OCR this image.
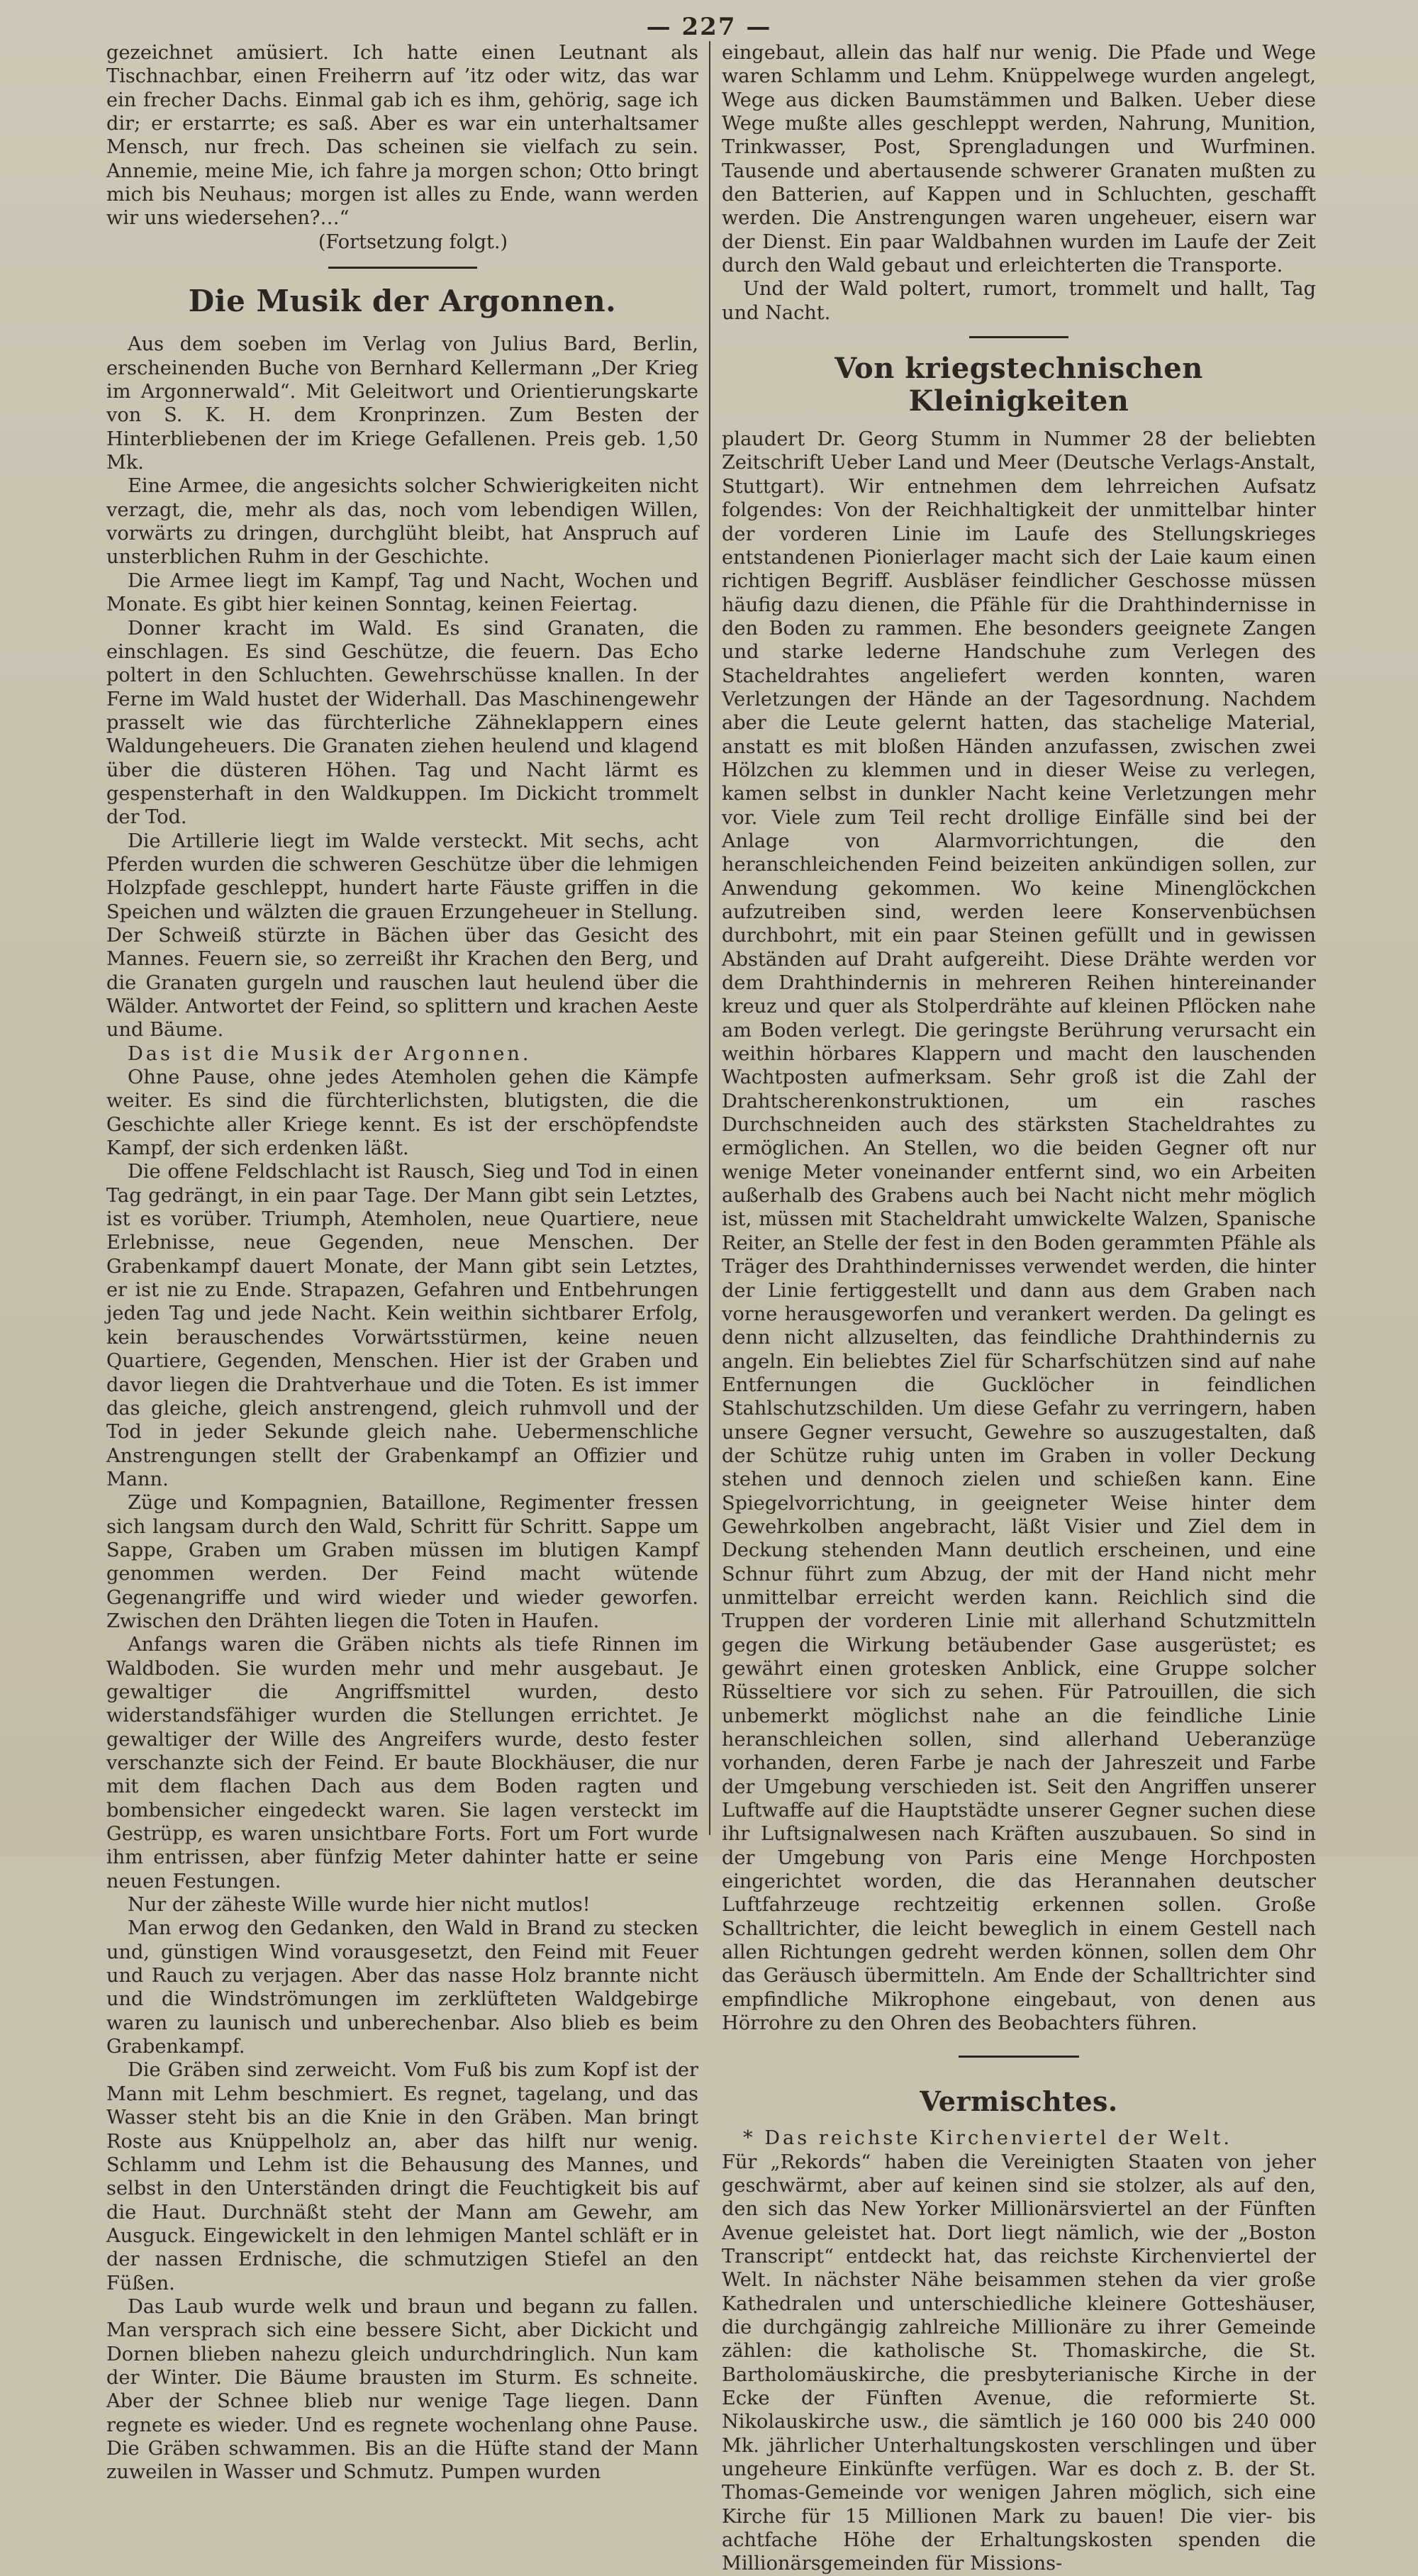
— 227 —

gezeichnet amüsiert. Ich hatte einen Leutnant als Tischnachbar, einen Freiherrn auf ’itz oder witz, das war ein frecher Dachs. Einmal gab ich es ihm, gehörig, sage ich dir; er erstarrte; es saß. Aber es war ein unterhaltsamer Mensch, nur frech. Das scheinen sie vielfach zu sein. Annemie, meine Mie, ich fahre ja morgen schon; Otto bringt mich bis Neuhaus; morgen ist alles zu Ende, wann werden wir uns wiedersehen?…“

(Fortsetzung folgt.)

Die Musik der Argonnen.

Aus dem soeben im Verlag von Julius Bard, Berlin, erscheinenden Buche von Bernhard Kellermann „Der Krieg im Argonnerwald“. Mit Geleitwort und Orientierungskarte von S. K. H. dem Kronprinzen. Zum Besten der Hinterbliebenen der im Kriege Gefallenen. Preis geb. 1,50 Mk.

Eine Armee, die angesichts solcher Schwierigkeiten nicht verzagt, die, mehr als das, noch vom lebendigen Willen, vorwärts zu dringen, durchglüht bleibt, hat Anspruch auf unsterblichen Ruhm in der Geschichte.

Die Armee liegt im Kampf, Tag und Nacht, Wochen und Monate. Es gibt hier keinen Sonntag, keinen Feiertag.

Donner kracht im Wald. Es sind Granaten, die einschlagen. Es sind Geschütze, die feuern. Das Echo poltert in den Schluchten. Gewehrschüsse knallen. In der Ferne im Wald hustet der Widerhall. Das Maschinengewehr prasselt wie das fürchterliche Zähneklappern eines Waldungeheuers. Die Granaten ziehen heulend und klagend über die düsteren Höhen. Tag und Nacht lärmt es gespensterhaft in den Waldkuppen. Im Dickicht trommelt der Tod.

Die Artillerie liegt im Walde versteckt. Mit sechs, acht Pferden wurden die schweren Geschütze über die lehmigen Holzpfade geschleppt, hundert harte Fäuste griffen in die Speichen und wälzten die grauen Erzungeheuer in Stellung. Der Schweiß stürzte in Bächen über das Gesicht des Mannes. Feuern sie, so zerreißt ihr Krachen den Berg, und die Granaten gurgeln und rauschen laut heulend über die Wälder. Antwortet der Feind, so splittern und krachen Aeste und Bäume.

Das ist die Musik der Argonnen.

Ohne Pause, ohne jedes Atemholen gehen die Kämpfe weiter. Es sind die fürchterlichsten, blutigsten, die die Geschichte aller Kriege kennt. Es ist der erschöpfendste Kampf, der sich erdenken läßt.

Die offene Feldschlacht ist Rausch, Sieg und Tod in einen Tag gedrängt, in ein paar Tage. Der Mann gibt sein Letztes, ist es vorüber. Triumph, Atemholen, neue Quartiere, neue Erlebnisse, neue Gegenden, neue Menschen. Der Grabenkampf dauert Monate, der Mann gibt sein Letztes, er ist nie zu Ende. Strapazen, Gefahren und Entbehrungen jeden Tag und jede Nacht. Kein weithin sichtbarer Erfolg, kein berauschendes Vorwärtsstürmen, keine neuen Quartiere, Gegenden, Menschen. Hier ist der Graben und davor liegen die Drahtverhaue und die Toten. Es ist immer das gleiche, gleich anstrengend, gleich ruhmvoll und der Tod in jeder Sekunde gleich nahe. Uebermenschliche Anstrengungen stellt der Grabenkampf an Offizier und Mann.

Züge und Kompagnien, Bataillone, Regimenter fressen sich langsam durch den Wald, Schritt für Schritt. Sappe um Sappe, Graben um Graben müssen im blutigen Kampf genommen werden. Der Feind macht wütende Gegenangriffe und wird wieder und wieder geworfen. Zwischen den Drähten liegen die Toten in Haufen.

Anfangs waren die Gräben nichts als tiefe Rinnen im Waldboden. Sie wurden mehr und mehr ausgebaut. Je gewaltiger die Angriffsmittel wurden, desto widerstandsfähiger wurden die Stellungen errichtet. Je gewaltiger der Wille des Angreifers wurde, desto fester verschanzte sich der Feind. Er baute Blockhäuser, die nur mit dem flachen Dach aus dem Boden ragten und bombensicher eingedeckt waren. Sie lagen versteckt im Gestrüpp, es waren unsichtbare Forts. Fort um Fort wurde ihm entrissen, aber fünfzig Meter dahinter hatte er seine neuen Festungen.

Nur der zäheste Wille wurde hier nicht mutlos!

Man erwog den Gedanken, den Wald in Brand zu stecken und, günstigen Wind vorausgesetzt, den Feind mit Feuer und Rauch zu verjagen. Aber das nasse Holz brannte nicht und die Windströmungen im zerklüfteten Waldgebirge waren zu launisch und unberechenbar. Also blieb es beim Grabenkampf.

Die Gräben sind zerweicht. Vom Fuß bis zum Kopf ist der Mann mit Lehm beschmiert. Es regnet, tagelang, und das Wasser steht bis an die Knie in den Gräben. Man bringt Roste aus Knüppelholz an, aber das hilft nur wenig. Schlamm und Lehm ist die Behausung des Mannes, und selbst in den Unterständen dringt die Feuchtigkeit bis auf die Haut. Durchnäßt steht der Mann am Gewehr, am Ausguck. Eingewickelt in den lehmigen Mantel schläft er in der nassen Erdnische, die schmutzigen Stiefel an den Füßen.

Das Laub wurde welk und braun und begann zu fallen. Man versprach sich eine bessere Sicht, aber Dickicht und Dornen blieben nahezu gleich undurchdringlich. Nun kam der Winter. Die Bäume brausten im Sturm. Es schneite. Aber der Schnee blieb nur wenige Tage liegen. Dann regnete es wieder. Und es regnete wochenlang ohne Pause. Die Gräben schwammen. Bis an die Hüfte stand der Mann zuweilen in Wasser und Schmutz. Pumpen wurden

eingebaut, allein das half nur wenig. Die Pfade und Wege waren Schlamm und Lehm. Knüppelwege wurden angelegt, Wege aus dicken Baumstämmen und Balken. Ueber diese Wege mußte alles geschleppt werden, Nahrung, Munition, Trinkwasser, Post, Sprengladungen und Wurfminen. Tausende und abertausende schwerer Granaten mußten zu den Batterien, auf Kappen und in Schluchten, geschafft werden. Die Anstrengungen waren ungeheuer, eisern war der Dienst. Ein paar Waldbahnen wurden im Laufe der Zeit durch den Wald gebaut und erleichterten die Transporte.

Und der Wald poltert, rumort, trommelt und hallt, Tag und Nacht.

Von kriegstechnischen Kleinigkeiten

plaudert Dr. Georg Stumm in Nummer 28 der beliebten Zeitschrift Ueber Land und Meer (Deutsche Verlags-Anstalt, Stuttgart). Wir entnehmen dem lehrreichen Aufsatz folgendes: Von der Reichhaltigkeit der unmittelbar hinter der vorderen Linie im Laufe des Stellungskrieges entstandenen Pionierlager macht sich der Laie kaum einen richtigen Begriff. Ausbläser feindlicher Geschosse müssen häufig dazu dienen, die Pfähle für die Drahthindernisse in den Boden zu rammen. Ehe besonders geeignete Zangen und starke lederne Handschuhe zum Verlegen des Stacheldrahtes angeliefert werden konnten, waren Verletzungen der Hände an der Tagesordnung. Nachdem aber die Leute gelernt hatten, das stachelige Material, anstatt es mit bloßen Händen anzufassen, zwischen zwei Hölzchen zu klemmen und in dieser Weise zu verlegen, kamen selbst in dunkler Nacht keine Verletzungen mehr vor. Viele zum Teil recht drollige Einfälle sind bei der Anlage von Alarmvorrichtungen, die den heranschleichenden Feind beizeiten ankündigen sollen, zur Anwendung gekommen. Wo keine Minenglöckchen aufzutreiben sind, werden leere Konservenbüchsen durchbohrt, mit ein paar Steinen gefüllt und in gewissen Abständen auf Draht aufgereiht. Diese Drähte werden vor dem Drahthindernis in mehreren Reihen hintereinander kreuz und quer als Stolperdrähte auf kleinen Pflöcken nahe am Boden verlegt. Die geringste Berührung verursacht ein weithin hörbares Klappern und macht den lauschenden Wachtposten aufmerksam. Sehr groß ist die Zahl der Drahtscherenkonstruktionen, um ein rasches Durchschneiden auch des stärksten Stacheldrahtes zu ermöglichen. An Stellen, wo die beiden Gegner oft nur wenige Meter voneinander entfernt sind, wo ein Arbeiten außerhalb des Grabens auch bei Nacht nicht mehr möglich ist, müssen mit Stacheldraht umwickelte Walzen, Spanische Reiter, an Stelle der fest in den Boden gerammten Pfähle als Träger des Drahthindernisses verwendet werden, die hinter der Linie fertiggestellt und dann aus dem Graben nach vorne herausgeworfen und verankert werden. Da gelingt es denn nicht allzuselten, das feindliche Drahthindernis zu angeln. Ein beliebtes Ziel für Scharfschützen sind auf nahe Entfernungen die Gucklöcher in feindlichen Stahlschutzschilden. Um diese Gefahr zu verringern, haben unsere Gegner versucht, Gewehre so auszugestalten, daß der Schütze ruhig unten im Graben in voller Deckung stehen und dennoch zielen und schießen kann. Eine Spiegelvorrichtung, in geeigneter Weise hinter dem Gewehrkolben angebracht, läßt Visier und Ziel dem in Deckung stehenden Mann deutlich erscheinen, und eine Schnur führt zum Abzug, der mit der Hand nicht mehr unmittelbar erreicht werden kann. Reichlich sind die Truppen der vorderen Linie mit allerhand Schutzmitteln gegen die Wirkung betäubender Gase ausgerüstet; es gewährt einen grotesken Anblick, eine Gruppe solcher Rüsseltiere vor sich zu sehen. Für Patrouillen, die sich unbemerkt möglichst nahe an die feindliche Linie heranschleichen sollen, sind allerhand Ueberanzüge vorhanden, deren Farbe je nach der Jahreszeit und Farbe der Umgebung verschieden ist. Seit den Angriffen unserer Luftwaffe auf die Hauptstädte unserer Gegner suchen diese ihr Luftsignalwesen nach Kräften auszubauen. So sind in der Umgebung von Paris eine Menge Horchposten eingerichtet worden, die das Herannahen deutscher Luftfahrzeuge rechtzeitig erkennen sollen. Große Schalltrichter, die leicht beweglich in einem Gestell nach allen Richtungen gedreht werden können, sollen dem Ohr das Geräusch übermitteln. Am Ende der Schalltrichter sind empfindliche Mikrophone eingebaut, von denen aus Hörrohre zu den Ohren des Beobachters führen.

Vermischtes.

* Das reichste Kirchenviertel der Welt.

Für „Rekords“ haben die Vereinigten Staaten von jeher geschwärmt, aber auf keinen sind sie stolzer, als auf den, den sich das New Yorker Millionärsviertel an der Fünften Avenue geleistet hat. Dort liegt nämlich, wie der „Boston Transcript“ entdeckt hat, das reichste Kirchenviertel der Welt. In nächster Nähe beisammen stehen da vier große Kathedralen und unterschiedliche kleinere Gotteshäuser, die durchgängig zahlreiche Millionäre zu ihrer Gemeinde zählen: die katholische St. Thomaskirche, die St. Bartholomäuskirche, die presbyterianische Kirche in der Ecke der Fünften Avenue, die reformierte St. Nikolauskirche usw., die sämtlich je 160 000 bis 240 000 Mk. jährlicher Unterhaltungskosten verschlingen und über ungeheure Einkünfte verfügen. War es doch z. B. der St. Thomas-Gemeinde vor wenigen Jahren möglich, sich eine Kirche für 15 Millionen Mark zu bauen! Die vier- bis achtfache Höhe der Erhaltungskosten spenden die Millionärsgemeinden für Missions-
